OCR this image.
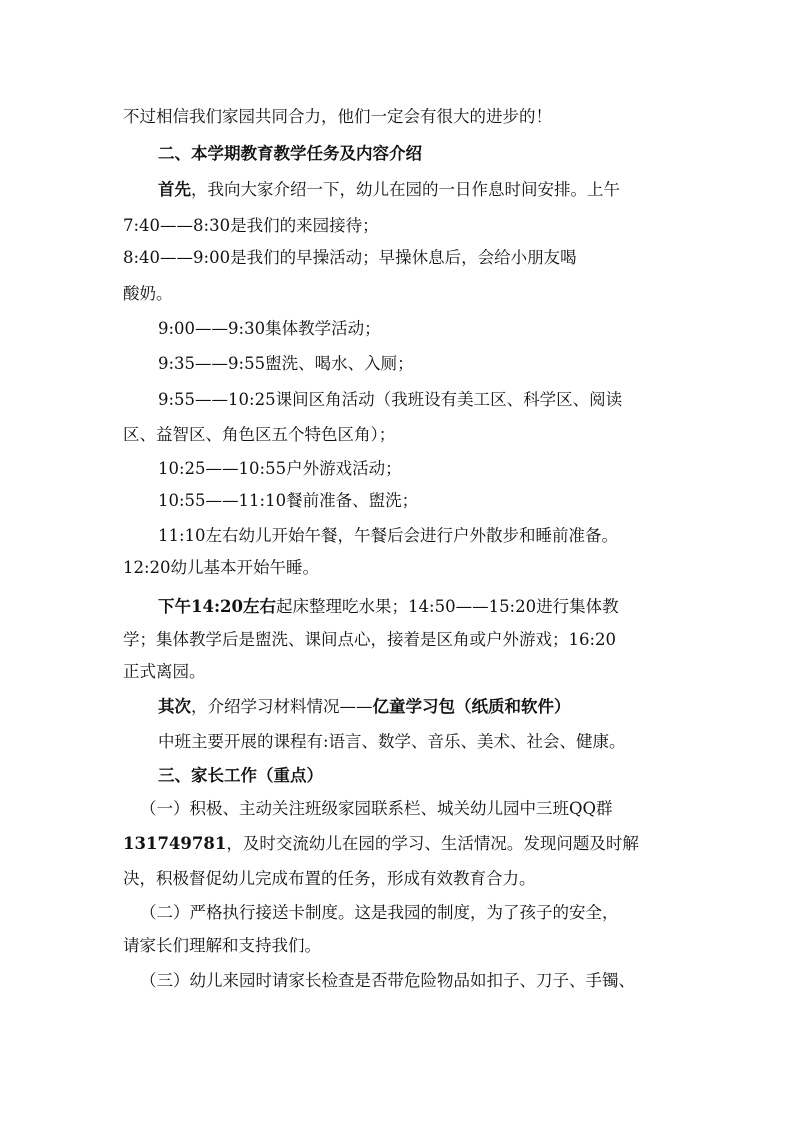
不过相信我们家园共同合力，他们一定会有很大的进步的！
二、本学期教育教学任务及内容介绍
首先，我向大家介绍一下，幼儿在园的一日作息时间安排。上午
7:40——8:30是我们的来园接待；
8:40——9:00是我们的早操活动；早操休息后，会给小朋友喝
酸奶。
9:00——9:30集体教学活动；
9:35——9:55盥洗、喝水、入厕；
9:55——10:25课间区角活动（我班设有美工区、科学区、阅读
区、益智区、角色区五个特色区角）；
10:25——10:55户外游戏活动；
10:55——11:10餐前准备、盥洗；
11:10左右幼儿开始午餐，午餐后会进行户外散步和睡前准备。
12:20幼儿基本开始午睡。
下午14:20左右起床整理吃水果；14:50——15:20进行集体教
学；集体教学后是盥洗、课间点心，接着是区角或户外游戏；16:20
正式离园。
其次，介绍学习材料情况——亿童学习包（纸质和软件）
中班主要开展的课程有:语言、数学、音乐、美术、社会、健康。
三、家长工作（重点）
（一）积极、主动关注班级家园联系栏、城关幼儿园中三班QQ群
131749781，及时交流幼儿在园的学习、生活情况。发现问题及时解
决，积极督促幼儿完成布置的任务，形成有效教育合力。
（二）严格执行接送卡制度。这是我园的制度，为了孩子的安全，
请家长们理解和支持我们。
（三）幼儿来园时请家长检查是否带危险物品如扣子、刀子、手镯、
